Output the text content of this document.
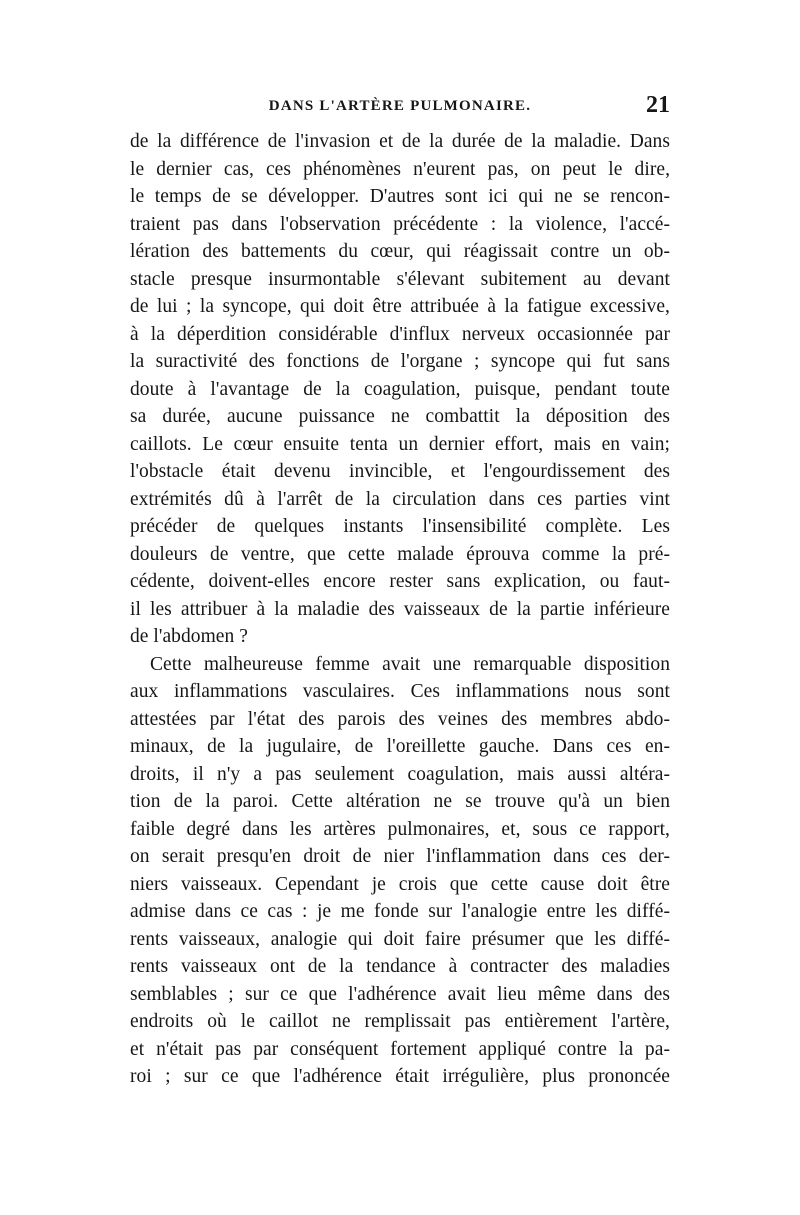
DANS L'ARTÈRE PULMONAIRE.	21
de la différence de l'invasion et de la durée de la maladie. Dans
le dernier cas, ces phénomènes n'eurent pas, on peut le dire,
le temps de se développer. D'autres sont ici qui ne se rencon-
traient pas dans l'observation précédente : la violence, l'accé-
lération des battements du cœur, qui réagissait contre un ob-
stacle presque insurmontable s'élevant subitement au devant
de lui ; la syncope, qui doit être attribuée à la fatigue excessive,
à la déperdition considérable d'influx nerveux occasionnée par
la suractivité des fonctions de l'organe ; syncope qui fut sans
doute à l'avantage de la coagulation, puisque, pendant toute
sa durée, aucune puissance ne combattit la déposition des
caillots. Le cœur ensuite tenta un dernier effort, mais en vain;
l'obstacle était devenu invincible, et l'engourdissement des
extrémités dû à l'arrêt de la circulation dans ces parties vint
précéder de quelques instants l'insensibilité complète. Les
douleurs de ventre, que cette malade éprouva comme la pré-
cédente, doivent-elles encore rester sans explication, ou faut-
il les attribuer à la maladie des vaisseaux de la partie inférieure
de l'abdomen ?
Cette malheureuse femme avait une remarquable disposition
aux inflammations vasculaires. Ces inflammations nous sont
attestées par l'état des parois des veines des membres abdo-
minaux, de la jugulaire, de l'oreillette gauche. Dans ces en-
droits, il n'y a pas seulement coagulation, mais aussi altéra-
tion de la paroi. Cette altération ne se trouve qu'à un bien
faible degré dans les artères pulmonaires, et, sous ce rapport,
on serait presqu'en droit de nier l'inflammation dans ces der-
niers vaisseaux. Cependant je crois que cette cause doit être
admise dans ce cas : je me fonde sur l'analogie entre les diffé-
rents vaisseaux, analogie qui doit faire présumer que les diffé-
rents vaisseaux ont de la tendance à contracter des maladies
semblables ; sur ce que l'adhérence avait lieu même dans des
endroits où le caillot ne remplissait pas entièrement l'artère,
et n'était pas par conséquent fortement appliqué contre la pa-
roi ; sur ce que l'adhérence était irrégulière, plus prononcée
